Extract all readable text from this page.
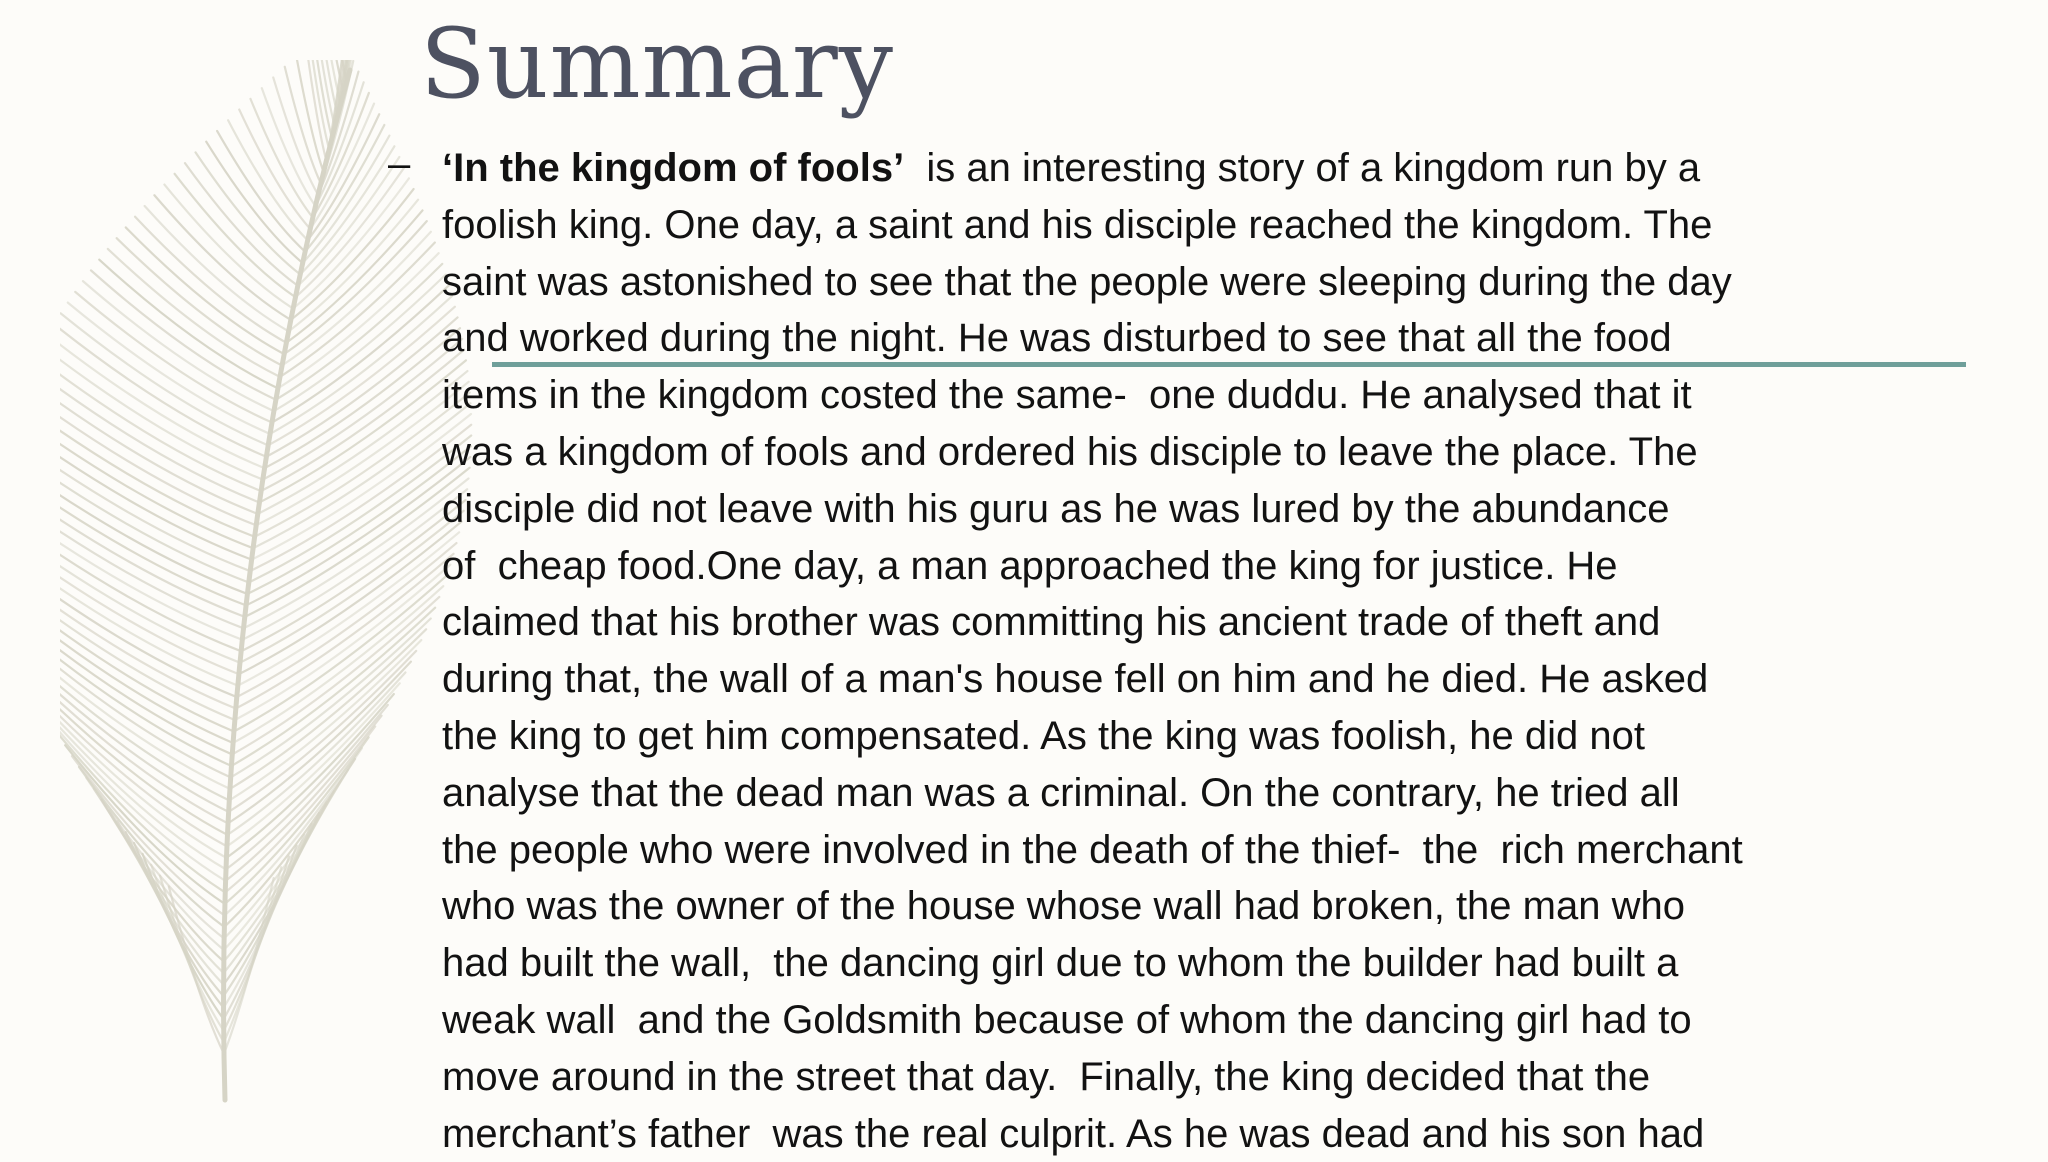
Summary
– ‘In the kingdom of fools’  is an interesting story of a kingdom run by a
foolish king. One day, a saint and his disciple reached the kingdom. The
saint was astonished to see that the people were sleeping during the day
and worked during the night. He was disturbed to see that all the food
items in the kingdom costed the same-  one duddu. He analysed that it
was a kingdom of fools and ordered his disciple to leave the place. The
disciple did not leave with his guru as he was lured by the abundance
of  cheap food.One day, a man approached the king for justice. He
claimed that his brother was committing his ancient trade of theft and
during that, the wall of a man's house fell on him and he died. He asked
the king to get him compensated. As the king was foolish, he did not
analyse that the dead man was a criminal. On the contrary, he tried all
the people who were involved in the death of the thief-  the  rich merchant
who was the owner of the house whose wall had broken, the man who
had built the wall,  the dancing girl due to whom the builder had built a
weak wall  and the Goldsmith because of whom the dancing girl had to
move around in the street that day.  Finally, the king decided that the
merchant’s father  was the real culprit. As he was dead and his son had
